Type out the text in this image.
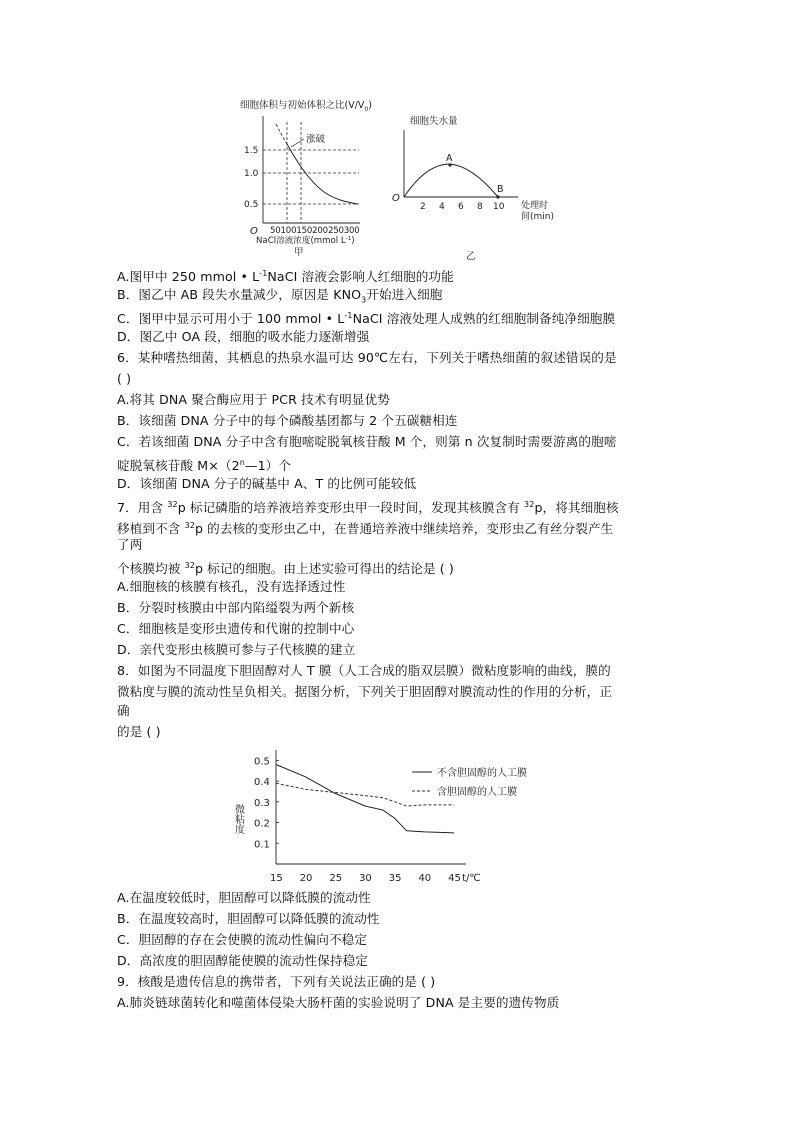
细胞体积与初始体积之比$(V/V_0)$
1.5
1.0
0.5
O
涨破
50100150200250300
NaCl溶液浓度(mmol $L^{-1}$)
甲
细胞失水量
O
A
B
2 4 6 8 10 处理时
间(min)
乙
A.图甲中 250 mmol • $L^{-1}NaCI$ 溶液会影响人红细胞的功能
B．图乙中 AB 段失水量减少，原因是 $KNO_3$开始进入细胞
C．图甲中显示可用小于 100 mmol • $L^{-1}NaCI$ 溶液处理人成熟的红细胞制备纯净细胞膜
D．图乙中 OA 段，细胞的吸水能力逐渐增强
6．某种嗜热细菌，其栖息的热泉水温可达 90℃左右，下列关于嗜热细菌的叙述错误的是
( )
A.将其 DNA 聚合酶应用于 PCR 技术有明显优势
B．该细菌 DNA 分子中的每个磷酸基团都与 2 个五碳糖相连
C．若该细菌 DNA 分子中含有胞嘧啶脱氧核苷酸 M 个，则第 n 次复制时需要游离的胞嘧
啶脱氧核苷酸 $M\times(2^n—1)$个
D．该细菌 DNA 分子的碱基中 A、T 的比例可能较低
7．用含 $^{32}$p 标记磷脂的培养液培养变形虫甲一段时间，发现其核膜含有 $^{32}$p，将其细胞核
移植到不含 $^{32}$p 的去核的变形虫乙中，在普通培养液中继续培养，变形虫乙有丝分裂产生
了两
个核膜均被 $^{32}$p 标记的细胞。由上述实验可得出的结论是 ( )
A.细胞核的核膜有核孔，没有选择透过性
B．分裂时核膜由中部内陷缢裂为两个新核
C．细胞核是变形虫遗传和代谢的控制中心
D．亲代变形虫核膜可参与子代核膜的建立
8．如图为不同温度下胆固醇对人 T 膜（人工合成的脂双层膜）微粘度影响的曲线，膜的
微粘度与膜的流动性呈负相关。据图分析，下列关于胆固醇对膜流动性的作用的分析，正
确
的是 ( )
微粘度
0.5
0.4
0.3
0.2
0.1
15 20 25 30 35 40 45 t/℃
不含胆固醇的人工膜
含胆固醇的人工膜
A.在温度较低时，胆固醇可以降低膜的流动性
B．在温度较高时，胆固醇可以降低膜的流动性
C．胆固醇的存在会使膜的流动性偏向不稳定
D．高浓度的胆固醇能使膜的流动性保持稳定
9．核酸是遗传信息的携带者，下列有关说法正确的是 ( )
A.肺炎链球菌转化和噬菌体侵染大肠杆菌的实验说明了 DNA 是主要的遗传物质
